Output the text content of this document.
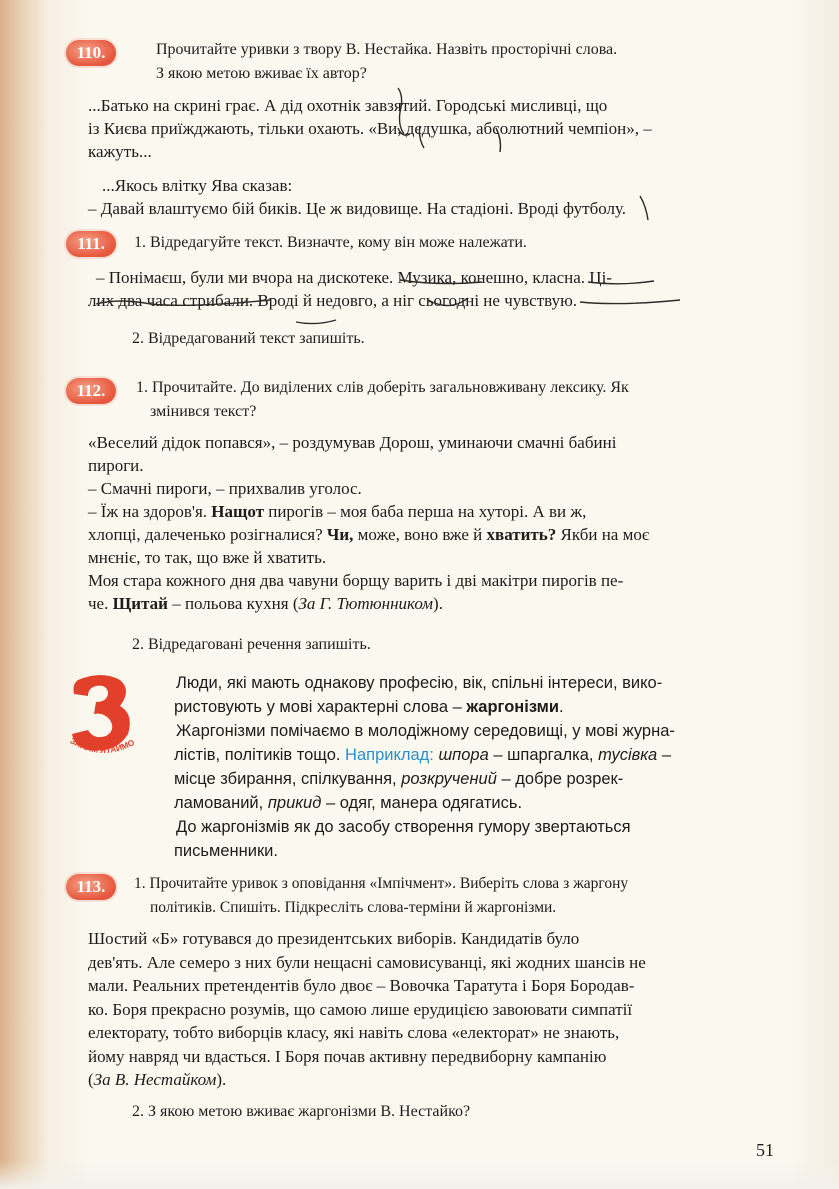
110.	Прочитайте уривки з твору В. Нестайка. Назвіть просторічні слова.
З якою метою вживає їх автор?
...Батько на скрині грає. А дід охотнік завзятий. Городські мисливці, що
із Києва приїжджають, тільки охають. «Ви, дєдушка, абсолютний чемпіон», –
кажуть...
...Якось влітку Ява сказав:
– Давай влаштуємо бій биків. Це ж видовище. На стадіоні. Вроді футболу.
111. 1. Відредагуйте текст. Визначте, кому він може належати.
– Понімаєш, були ми вчора на дискотеке. Музика, конешно, класна. Ці-
лих два часа стрибали. Вроді й недовго, а ніг сьогодні не чувствую.
2. Відредагований текст запишіть.
112. 1. Прочитайте. До виділених слів доберіть загальновживану лексику. Як
змінився текст?
«Веселий дідок попався», – роздумував Дорош, уминаючи смачні бабині
пироги.
– Смачні пироги, – прихвалив уголос.
– Їж на здоров'я. Нащот пирогів – моя баба перша на хуторі. А ви ж,
хлопці, далеченько розігналися? Чи, може, воно вже й хватить? Якби на моє
мнєніє, то так, що вже й хватить.
Моя стара кожного дня два чавуни борщу варить і дві макітри пирогів пе-
че. Щитай – польова кухня (За Г. Тютюнником).
2. Відредаговані речення запишіть.
ЗАПАМ'ЯТАЙМО
Люди, які мають однакову професію, вік, спільні інтереси, вико-
ристовують у мові характерні слова – жаргонізми.
Жаргонізми помічаємо в молодіжному середовищі, у мові журна-
лістів, політиків тощо. Наприклад: шпора – шпаргалка, тусівка –
місце збирання, спілкування, розкручений – добре розрек-
ламований, прикид – одяг, манера одягатись.
До жаргонізмів як до засобу створення гумору звертаються
письменники.
113. 1. Прочитайте уривок з оповідання «Імпічмент». Виберіть слова з жаргону
політиків. Спишіть. Підкресліть слова-терміни й жаргонізми.
Шостий «Б» готувався до президентських виборів. Кандидатів було
дев'ять. Але семеро з них були нещасні самовисуванці, які жодних шансів не
мали. Реальних претендентів було двоє – Вовочка Таратута і Боря Бородав-
ко. Боря прекрасно розумів, що самою лише ерудицією завоювати симпатії
електорату, тобто виборців класу, які навіть слова «електорат» не знають,
йому навряд чи вдасться. І Боря почав активну передвиборну кампанію
(За В. Нестайком).
2. З якою метою вживає жаргонізми В. Нестайко?
51
